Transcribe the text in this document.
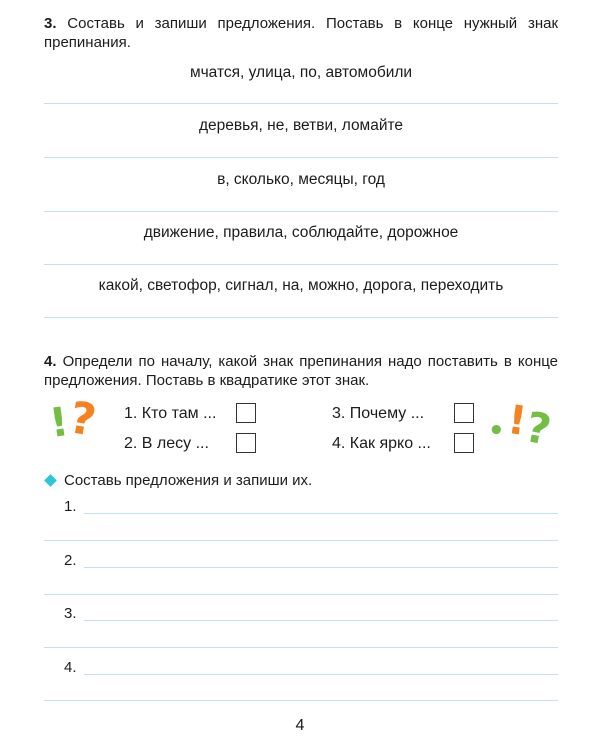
3. Составь и запиши предложения. Поставь в конце нужный знак препинания.
мчатся, улица, по, автомобили
деревья, не, ветви, ломайте
в, сколько, месяцы, год
движение, правила, соблюдайте, дорожное
какой, светофор, сигнал, на, можно, дорога, переходить
4. Определи по началу, какой знак препинания надо поставить в конце предложения. Поставь в квадратике этот знак.
!
? 1. Кто там ...
2. В лесу ...
3. Почему ...
4. Как ярко ... • !
?
Составь предложения и запиши их.
1.
2.
3.
4.
4
